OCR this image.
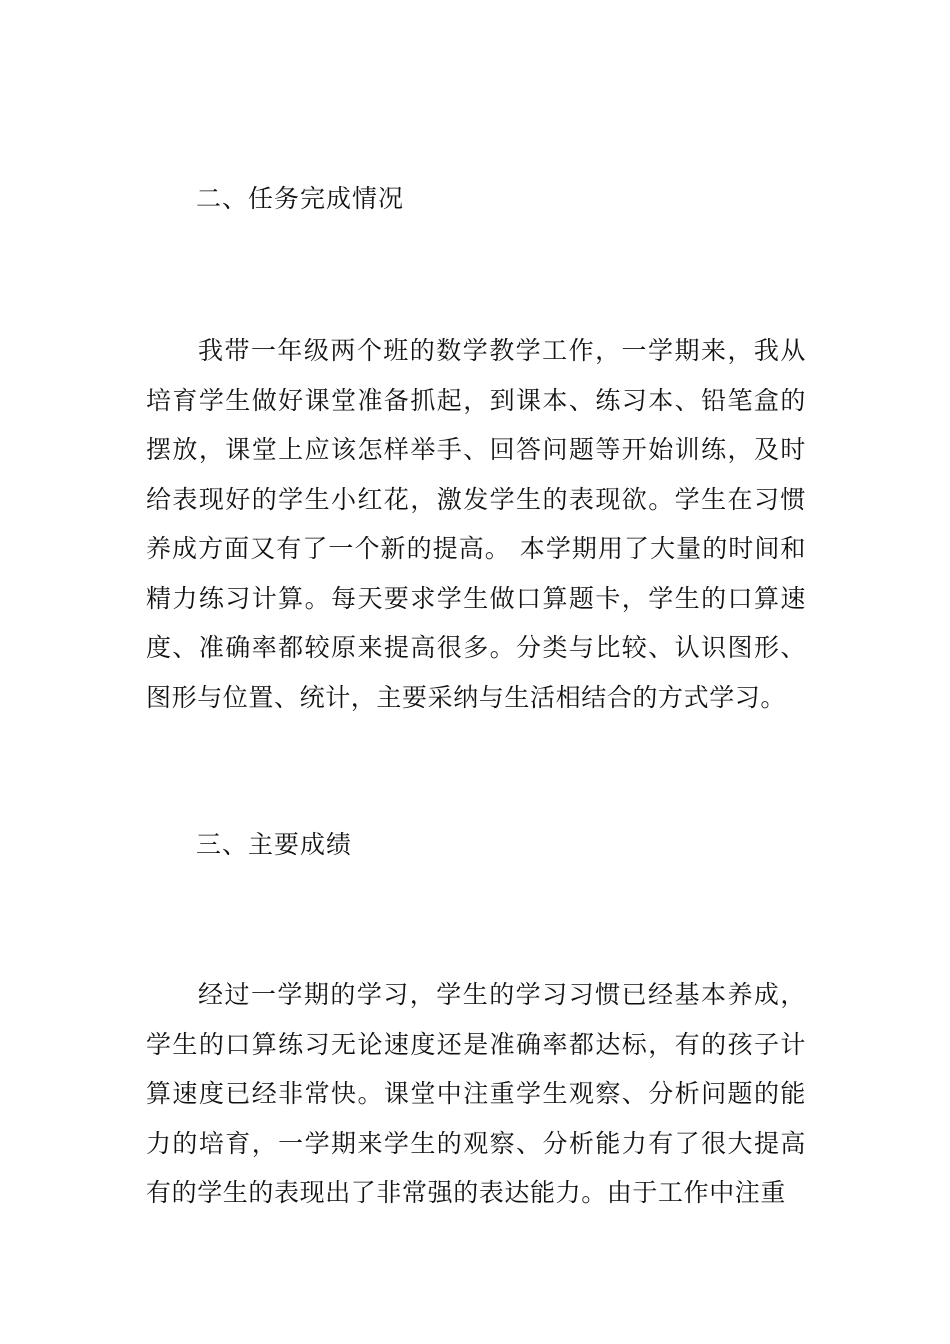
二、任务完成情况

我带一年级两个班的数学教学工作，一学期来，我从培育学生做好课堂准备抓起，到课本、练习本、铅笔盒的摆放，课堂上应该怎样举手、回答问题等开始训练，及时给表现好的学生小红花，激发学生的表现欲。学生在习惯养成方面又有了一个新的提高。 本学期用了大量的时间和精力练习计算。每天要求学生做口算题卡，学生的口算速度、准确率都较原来提高很多。分类与比较、认识图形、图形与位置、统计，主要采纳与生活相结合的方式学习。

三、主要成绩

经过一学期的学习，学生的学习习惯已经基本养成，学生的口算练习无论速度还是准确率都达标，有的孩子计算速度已经非常快。课堂中注重学生观察、分析问题的能力的培育，一学期来学生的观察、分析能力有了很大提高有的学生的表现出了非常强的表达能力。由于工作中注重
